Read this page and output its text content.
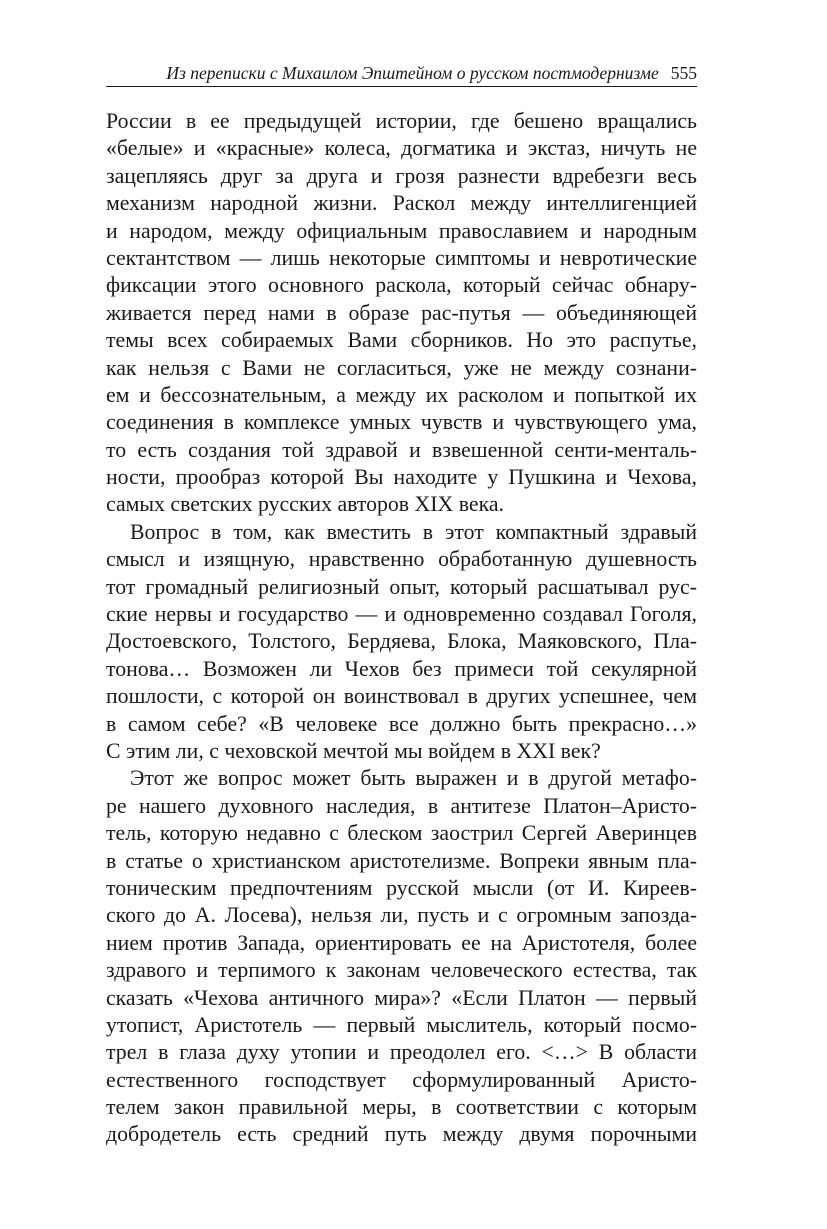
Из переписки с Михаилом Эпштейном о русском постмодернизме 555
России в ее предыдущей истории, где бешено вращались
«белые» и «красные» колеса, догматика и экстаз, ничуть не
зацепляясь друг за друга и грозя разнести вдребезги весь
механизм народной жизни. Раскол между интеллигенцией
и народом, между официальным православием и народным
сектантством — лишь некоторые симптомы и невротические
фиксации этого основного раскола, который сейчас обнару-
живается перед нами в образе рас-путья — объединяющей
темы всех собираемых Вами сборников. Но это распутье,
как нельзя с Вами не согласиться, уже не между сознани-
ем и бессознательным, а между их расколом и попыткой их
соединения в комплексе умных чувств и чувствующего ума,
то есть создания той здравой и взвешенной сенти-менталь-
ности, прообраз которой Вы находите у Пушкина и Чехова,
самых светских русских авторов XIX века.
Вопрос в том, как вместить в этот компактный здравый
смысл и изящную, нравственно обработанную душевность
тот громадный религиозный опыт, который расшатывал рус-
ские нервы и государство — и одновременно создавал Гоголя,
Достоевского, Толстого, Бердяева, Блока, Маяковского, Пла-
тонова… Возможен ли Чехов без примеси той секулярной
пошлости, с которой он воинствовал в других успешнее, чем
в самом себе? «В человеке все должно быть прекрасно…»
С этим ли, с чеховской мечтой мы войдем в XXI век?
Этот же вопрос может быть выражен и в другой метафо-
ре нашего духовного наследия, в антитезе Платон–Аристо-
тель, которую недавно с блеском заострил Сергей Аверинцев
в статье о христианском аристотелизме. Вопреки явным пла-
тоническим предпочтениям русской мысли (от И. Киреев-
ского до А. Лосева), нельзя ли, пусть и с огромным запозда-
нием против Запада, ориентировать ее на Аристотеля, более
здравого и терпимого к законам человеческого естества, так
сказать «Чехова античного мира»? «Если Платон — первый
утопист, Аристотель — первый мыслитель, который посмо-
трел в глаза духу утопии и преодолел его. <…> В области
естественного господствует сформулированный Аристо-
телем закон правильной меры, в соответствии с которым
добродетель есть средний путь между двумя порочными
